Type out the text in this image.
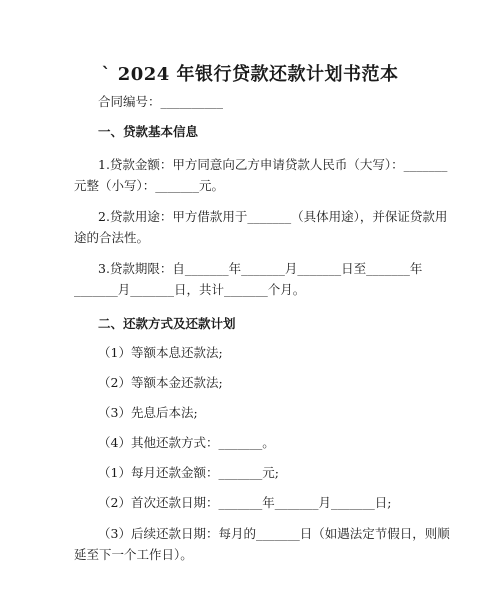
` 2024 年银行贷款还款计划书范本
合同编号：__________
一、贷款基本信息
1.贷款金额：甲方同意向乙方申请贷款人民币（大写）：_______
元整（小写）：_______元。
2.贷款用途：甲方借款用于_______（具体用途），并保证贷款用
途的合法性。
3.贷款期限：自_______年_______月_______日至_______年
_______月_______日，共计_______个月。
二、还款方式及还款计划
（1）等额本息还款法;
（2）等额本金还款法;
（3）先息后本法;
（4）其他还款方式：_______。
（1）每月还款金额：_______元;
（2）首次还款日期：_______年_______月_______日;
（3）后续还款日期：每月的_______日（如遇法定节假日，则顺
延至下一个工作日）。
